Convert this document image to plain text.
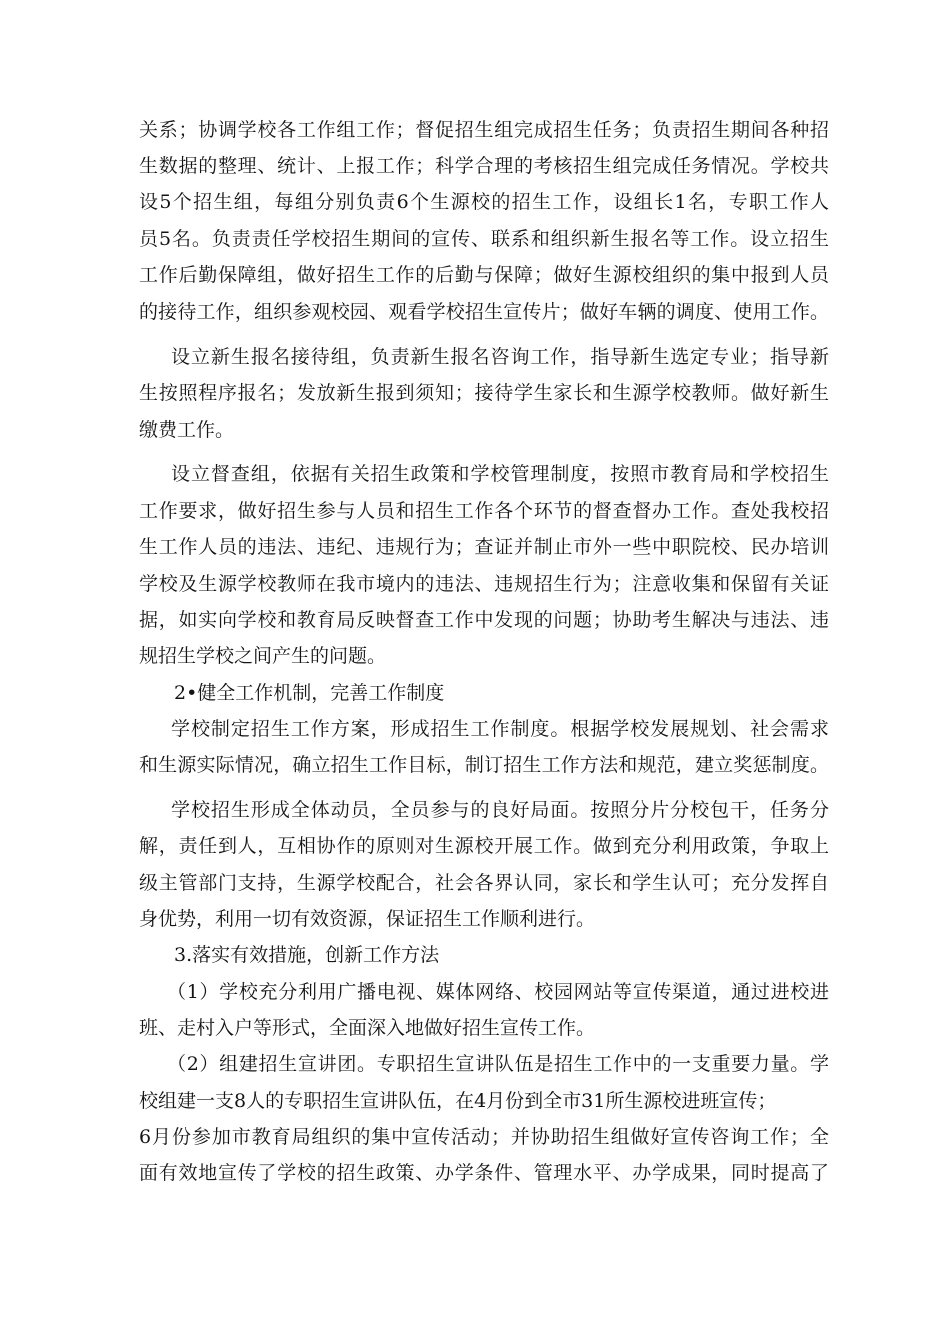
关系；协调学校各工作组工作；督促招生组完成招生任务；负责招生期间各种招
生数据的整理、统计、上报工作；科学合理的考核招生组完成任务情况。学校共
设5个招生组，每组分别负责6个生源校的招生工作，设组长1名，专职工作人
员5名。负责责任学校招生期间的宣传、联系和组织新生报名等工作。设立招生
工作后勤保障组，做好招生工作的后勤与保障；做好生源校组织的集中报到人员
的接待工作，组织参观校园、观看学校招生宣传片；做好车辆的调度、使用工作。
设立新生报名接待组，负责新生报名咨询工作，指导新生选定专业；指导新
生按照程序报名；发放新生报到须知；接待学生家长和生源学校教师。做好新生
缴费工作。
设立督查组，依据有关招生政策和学校管理制度，按照市教育局和学校招生
工作要求，做好招生参与人员和招生工作各个环节的督查督办工作。查处我校招
生工作人员的违法、违纪、违规行为；查证并制止市外一些中职院校、民办培训
学校及生源学校教师在我市境内的违法、违规招生行为；注意收集和保留有关证
据，如实向学校和教育局反映督查工作中发现的问题；协助考生解决与违法、违
规招生学校之间产生的问题。
2•健全工作机制，完善工作制度
学校制定招生工作方案，形成招生工作制度。根据学校发展规划、社会需求
和生源实际情况，确立招生工作目标，制订招生工作方法和规范，建立奖惩制度。
学校招生形成全体动员，全员参与的良好局面。按照分片分校包干，任务分
解，责任到人，互相协作的原则对生源校开展工作。做到充分利用政策，争取上
级主管部门支持，生源学校配合，社会各界认同，家长和学生认可；充分发挥自
身优势，利用一切有效资源，保证招生工作顺利进行。
3.落实有效措施，创新工作方法
（1）学校充分利用广播电视、媒体网络、校园网站等宣传渠道，通过进校进
班、走村入户等形式，全面深入地做好招生宣传工作。
（2）组建招生宣讲团。专职招生宣讲队伍是招生工作中的一支重要力量。学
校组建一支8人的专职招生宣讲队伍，在4月份到全市31所生源校进班宣传；
6月份参加市教育局组织的集中宣传活动；并协助招生组做好宣传咨询工作；全
面有效地宣传了学校的招生政策、办学条件、管理水平、办学成果，同时提高了
